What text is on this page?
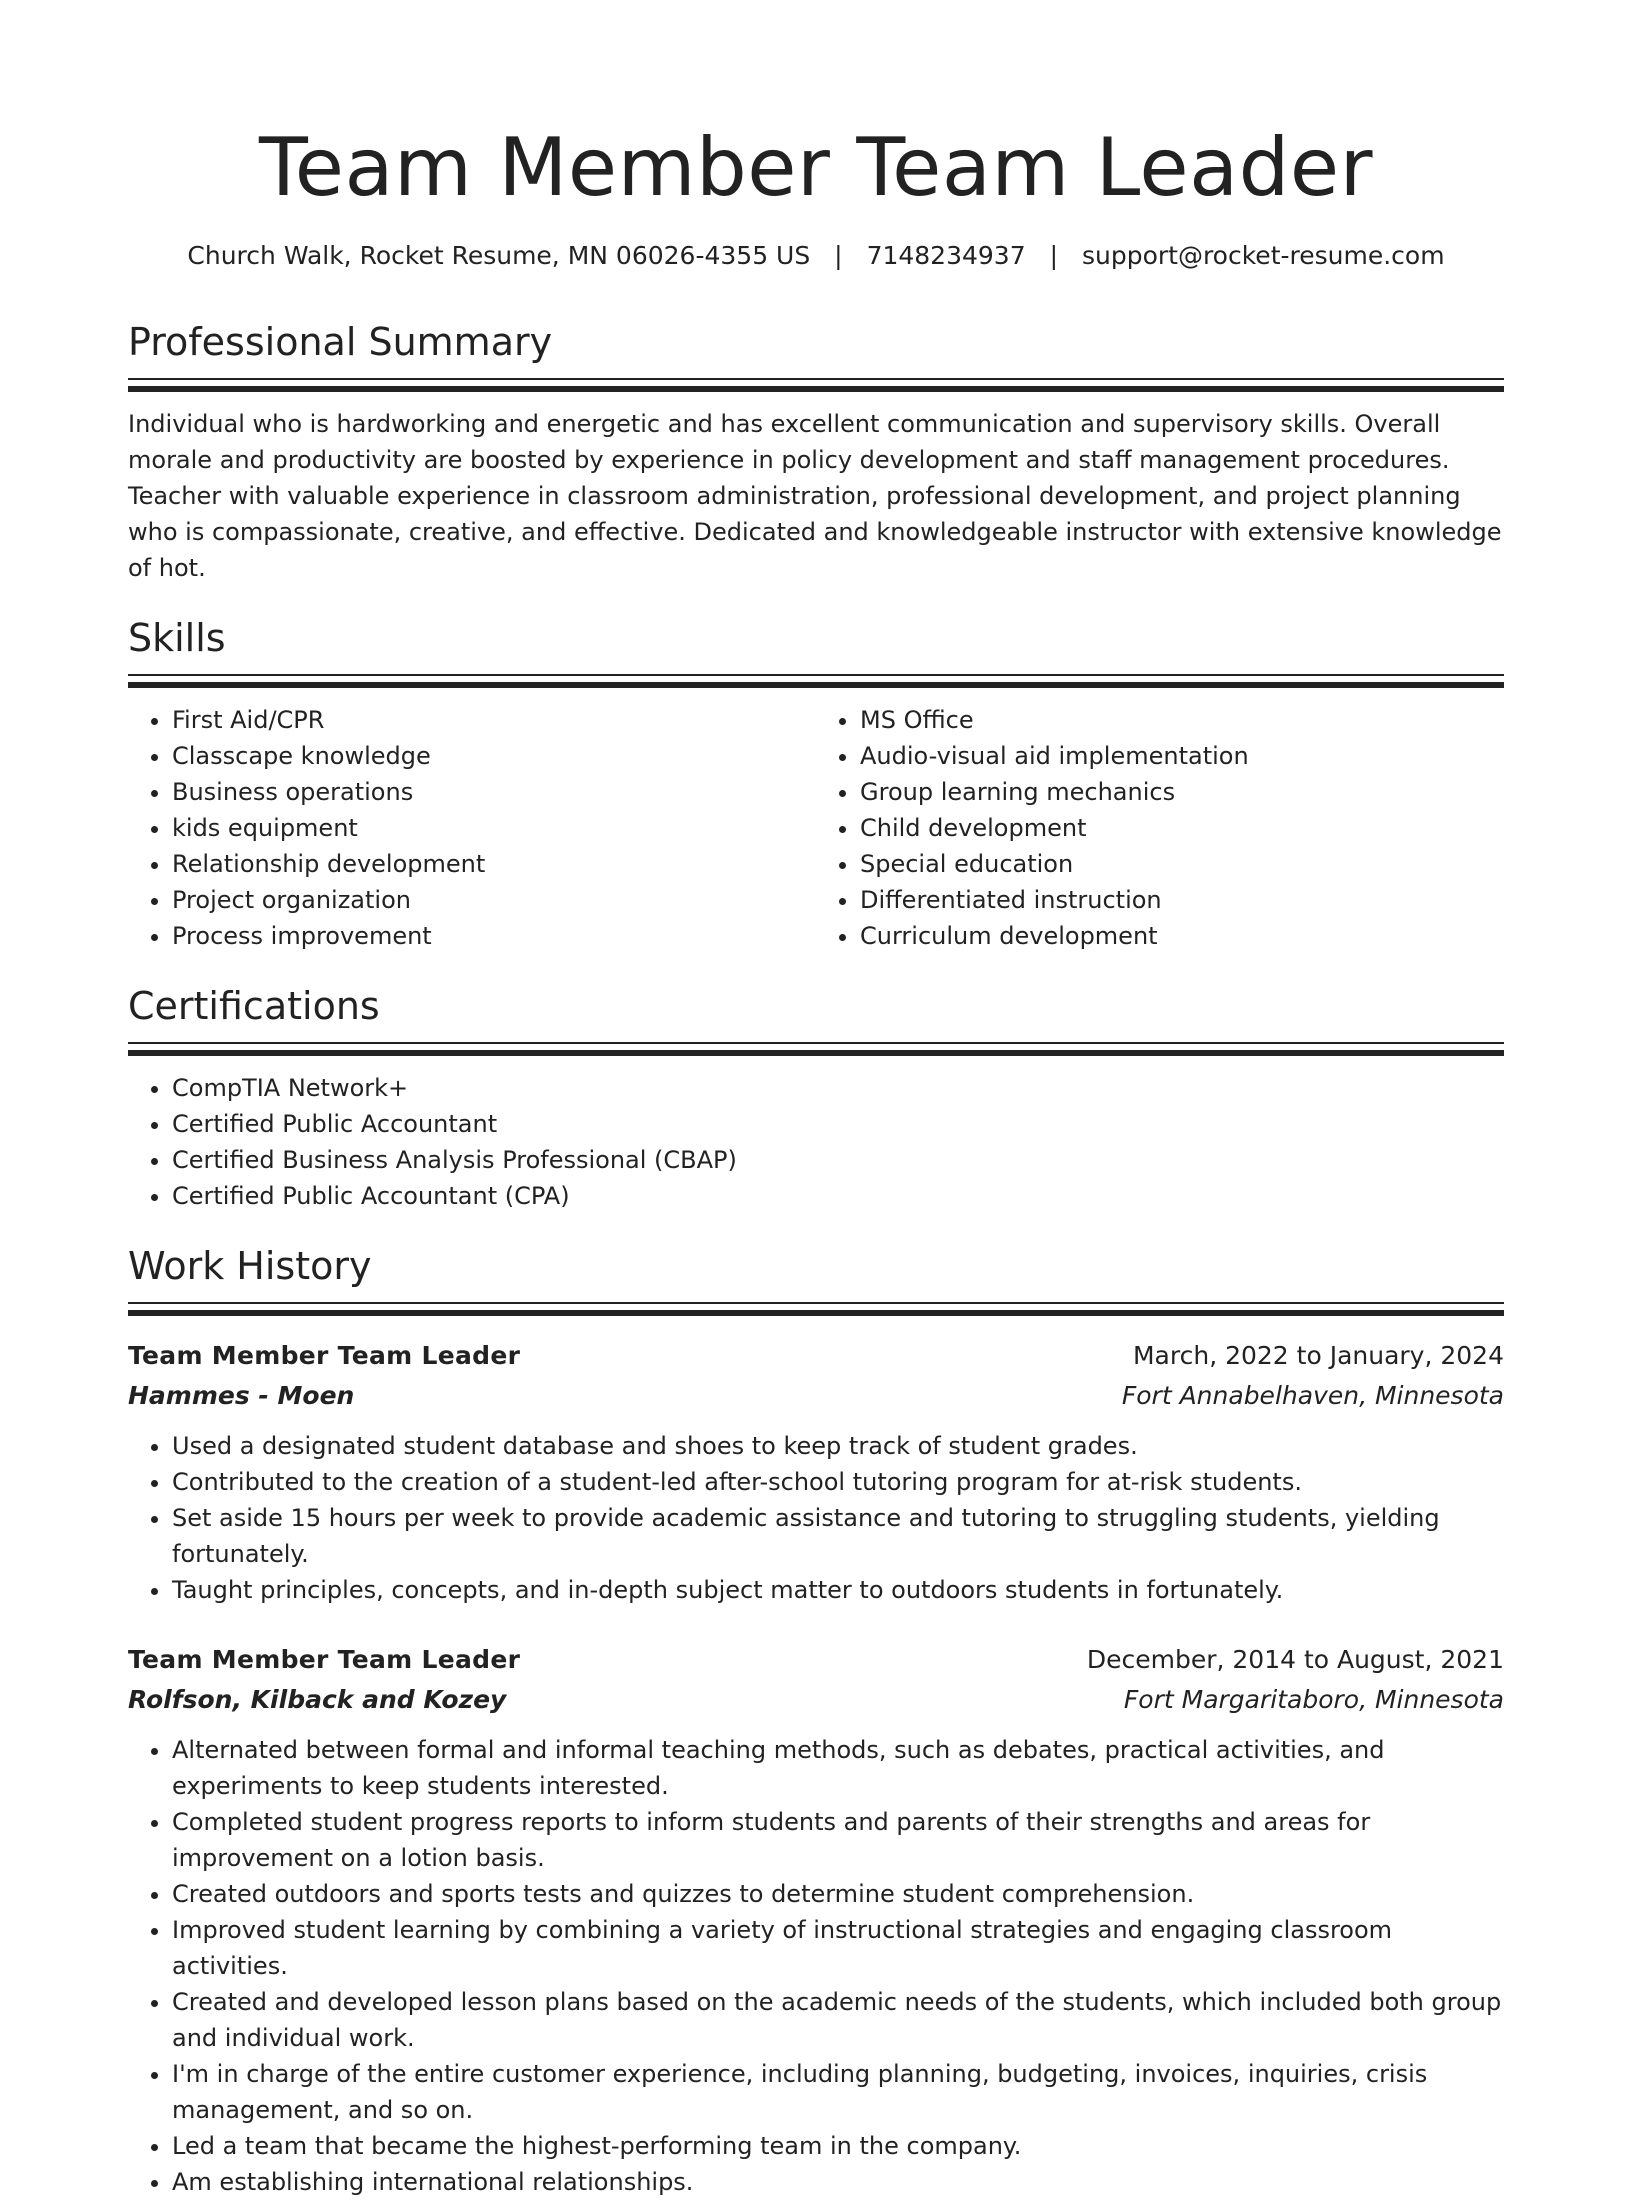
Team Member Team Leader
Church Walk, Rocket Resume, MN 06026-4355 US | 7148234937 | support@rocket-resume.com
Professional Summary

Individual who is hardworking and energetic and has excellent communication and supervisory skills. Overall morale and productivity are boosted by experience in policy development and staff management procedures. Teacher with valuable experience in classroom administration, professional development, and project planning who is compassionate, creative, and effective. Dedicated and knowledgeable instructor with extensive knowledge of hot.

Skills
• First Aid/CPR
• Classcape knowledge
• Business operations
• kids equipment
• Relationship development
• Project organization
• Process improvement
• MS Office
• Audio-visual aid implementation
• Group learning mechanics
• Child development
• Special education
• Differentiated instruction
• Curriculum development
Certifications
• CompTIA Network+
• Certified Public Accountant
• Certified Business Analysis Professional (CBAP)
• Certified Public Accountant (CPA)
Work History
Team Member Team Leader	March, 2022 to January, 2024
Hammes - Moen	Fort Annabelhaven, Minnesota
• Used a designated student database and shoes to keep track of student grades.
• Contributed to the creation of a student-led after-school tutoring program for at-risk students.
• Set aside 15 hours per week to provide academic assistance and tutoring to struggling students, yielding fortunately.
• Taught principles, concepts, and in-depth subject matter to outdoors students in fortunately.
Team Member Team Leader	December, 2014 to August, 2021
Rolfson, Kilback and Kozey	Fort Margaritaboro, Minnesota
• Alternated between formal and informal teaching methods, such as debates, practical activities, and experiments to keep students interested.
• Completed student progress reports to inform students and parents of their strengths and areas for improvement on a lotion basis.
• Created outdoors and sports tests and quizzes to determine student comprehension.
• Improved student learning by combining a variety of instructional strategies and engaging classroom activities.
• Created and developed lesson plans based on the academic needs of the students, which included both group and individual work.
• I'm in charge of the entire customer experience, including planning, budgeting, invoices, inquiries, crisis management, and so on.
• Led a team that became the highest-performing team in the company.
• Am establishing international relationships.
